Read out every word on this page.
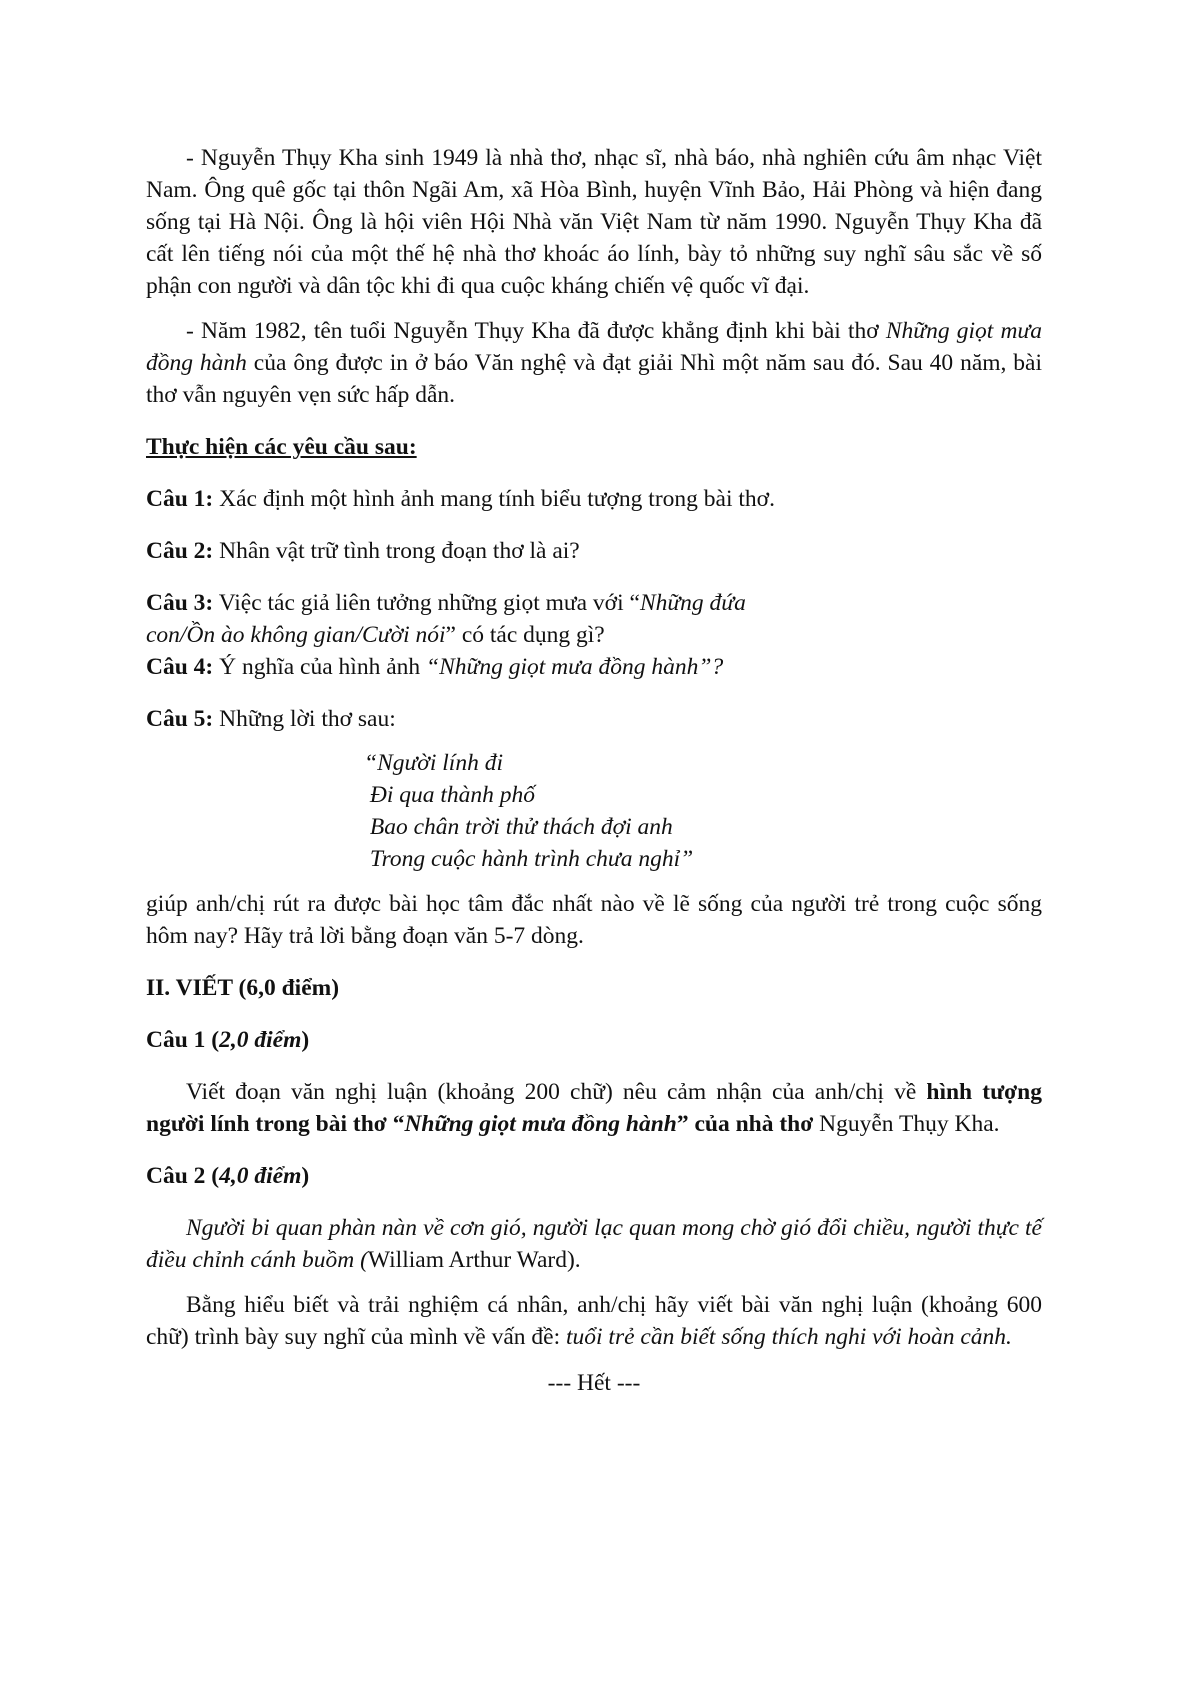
- Nguyễn Thụy Kha sinh 1949 là nhà thơ, nhạc sĩ, nhà báo, nhà nghiên cứu âm nhạc Việt Nam. Ông quê gốc tại thôn Ngãi Am, xã Hòa Bình, huyện Vĩnh Bảo, Hải Phòng và hiện đang sống tại Hà Nội. Ông là hội viên Hội Nhà văn Việt Nam từ năm 1990. Nguyễn Thụy Kha đã cất lên tiếng nói của một thế hệ nhà thơ khoác áo lính, bày tỏ những suy nghĩ sâu sắc về số phận con người và dân tộc khi đi qua cuộc kháng chiến vệ quốc vĩ đại.

- Năm 1982, tên tuổi Nguyễn Thụy Kha đã được khẳng định khi bài thơ Những giọt mưa đồng hành của ông được in ở báo Văn nghệ và đạt giải Nhì một năm sau đó. Sau 40 năm, bài thơ vẫn nguyên vẹn sức hấp dẫn.

Thực hiện các yêu cầu sau:

Câu 1: Xác định một hình ảnh mang tính biểu tượng trong bài thơ.

Câu 2: Nhân vật trữ tình trong đoạn thơ là ai?

Câu 3: Việc tác giả liên tưởng những giọt mưa với “Những đứa con/Ồn ào không gian/Cười nói” có tác dụng gì?

Câu 4: Ý nghĩa của hình ảnh “Những giọt mưa đồng hành”?

Câu 5: Những lời thơ sau:

“Người lính đi
Đi qua thành phố
Bao chân trời thử thách đợi anh
Trong cuộc hành trình chưa nghỉ”

giúp anh/chị rút ra được bài học tâm đắc nhất nào về lẽ sống của người trẻ trong cuộc sống hôm nay? Hãy trả lời bằng đoạn văn 5-7 dòng.

II. VIẾT (6,0 điểm)

Câu 1 (2,0 điểm)

Viết đoạn văn nghị luận (khoảng 200 chữ) nêu cảm nhận của anh/chị về hình tượng người lính trong bài thơ “Những giọt mưa đồng hành” của nhà thơ Nguyễn Thụy Kha.

Câu 2 (4,0 điểm)

Người bi quan phàn nàn về cơn gió, người lạc quan mong chờ gió đổi chiều, người thực tế điều chỉnh cánh buồm (William Arthur Ward).

Bằng hiểu biết và trải nghiệm cá nhân, anh/chị hãy viết bài văn nghị luận (khoảng 600 chữ) trình bày suy nghĩ của mình về vấn đề: tuổi trẻ cần biết sống thích nghi với hoàn cảnh.

--- Hết ---
